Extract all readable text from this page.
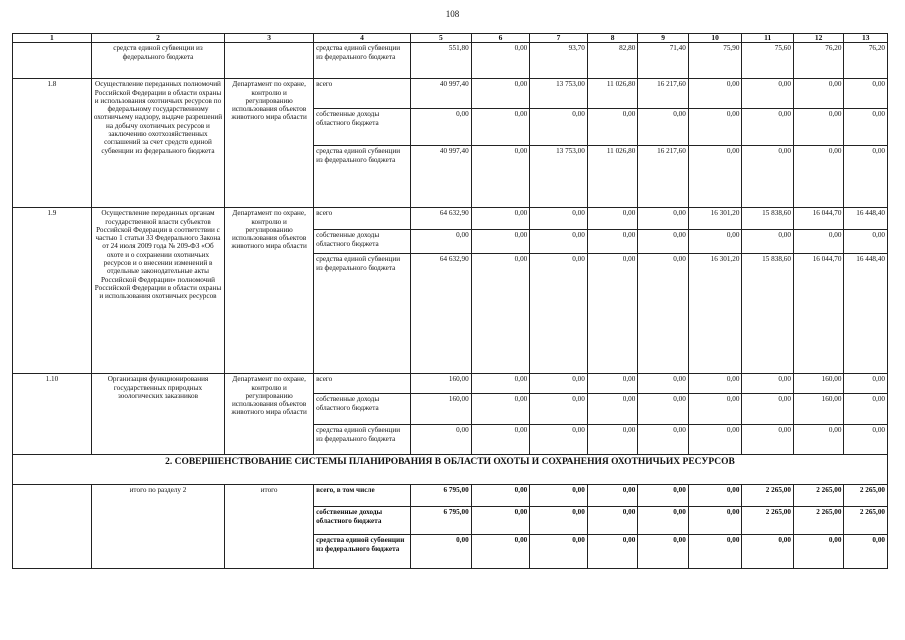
108
1	2	3	4	5	6	7	8	9	10	11	12	13
	средств единой субвенции из федерального бюджета		средства единой субвенции из федерального бюджета	551,80	0,00	93,70	82,80	71,40	75,90	75,60	76,20	76,20
1.8	Осуществление переданных полномочий Российской Федерации в области охраны и использования охотничьих ресурсов по федеральному государственному охотничьему надзору, выдаче разрешений на добычу охотничьих ресурсов и заключению охотхозяйственных соглашений за счет средств единой субвенции из федерального бюджета	Департамент по охране, контролю и регулированию использования объектов животного мира области	всего	40 997,40	0,00	13 753,00	11 026,80	16 217,60	0,00	0,00	0,00	0,00
			собственные доходы областного бюджета	0,00	0,00	0,00	0,00	0,00	0,00	0,00	0,00	0,00
			средства единой субвенции из федерального бюджета	40 997,40	0,00	13 753,00	11 026,80	16 217,60	0,00	0,00	0,00	0,00
1.9	Осуществление переданных органам государственной власти субъектов Российской Федерации в соответствии с частью 1 статьи 33 Федерального Закона от 24 июля 2009 года № 209-ФЗ «Об охоте и о сохранении охотничьих ресурсов и о внесении изменений в отдельные законодательные акты Российской Федерации» полномочий Российской Федерации в области охраны и использования охотничьих ресурсов	Департамент по охране, контролю и регулированию использования объектов животного мира области	всего	64 632,90	0,00	0,00	0,00	0,00	16 301,20	15 838,60	16 044,70	16 448,40
			собственные доходы областного бюджета	0,00	0,00	0,00	0,00	0,00	0,00	0,00	0,00	0,00
			средства единой субвенции из федерального бюджета	64 632,90	0,00	0,00	0,00	0,00	16 301,20	15 838,60	16 044,70	16 448,40
1.10	Организация функционирования государственных природных зоологических заказников	Департамент по охране, контролю и регулированию использования объектов животного мира области	всего	160,00	0,00	0,00	0,00	0,00	0,00	0,00	160,00	0,00
			собственные доходы областного бюджета	160,00	0,00	0,00	0,00	0,00	0,00	0,00	160,00	0,00
			средства единой субвенции из федерального бюджета	0,00	0,00	0,00	0,00	0,00	0,00	0,00	0,00	0,00
2. СОВЕРШЕНСТВОВАНИЕ СИСТЕМЫ ПЛАНИРОВАНИЯ В ОБЛАСТИ ОХОТЫ И СОХРАНЕНИЯ ОХОТНИЧЬИХ РЕСУРСОВ												
	итого по разделу 2	итого	всего, в том числе	6 795,00	0,00	0,00	0,00	0,00	0,00	2 265,00	2 265,00	2 265,00
			собственные доходы областного бюджета	6 795,00	0,00	0,00	0,00	0,00	0,00	2 265,00	2 265,00	2 265,00
			средства единой субвенции из федерального бюджета	0,00	0,00	0,00	0,00	0,00	0,00	0,00	0,00	0,00
